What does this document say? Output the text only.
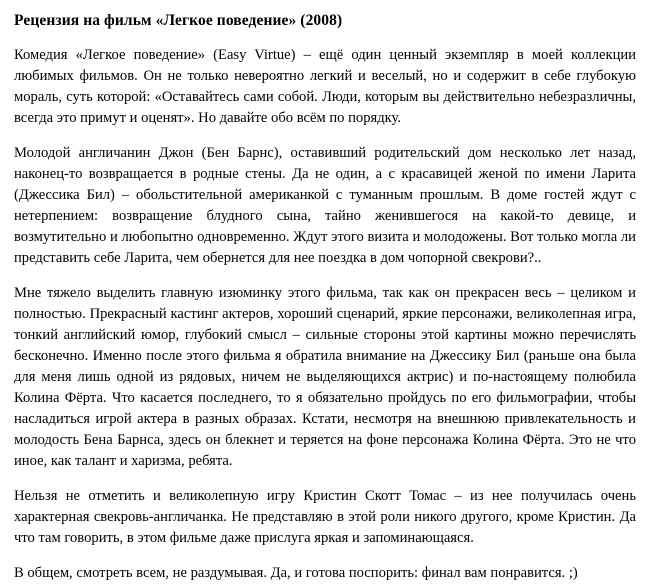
Рецензия на фильм «Легкое поведение» (2008)

Комедия «Легкое поведение» (Easy Virtue) – ещё один ценный экземпляр в моей коллекции любимых фильмов. Он не только невероятно легкий и веселый, но и содержит в себе глубокую мораль, суть которой: «Оставайтесь сами собой. Люди, которым вы действительно небезразличны, всегда это примут и оценят». Но давайте обо всём по порядку.

Молодой англичанин Джон (Бен Барнс), оставивший родительский дом несколько лет назад, наконец-то возвращается в родные стены. Да не один, а с красавицей женой по имени Ларита (Джессика Бил) – обольстительной американкой с туманным прошлым. В доме гостей ждут с нетерпением: возвращение блудного сына, тайно женившегося на какой-то девице, и возмутительно и любопытно одновременно. Ждут этого визита и молодожены. Вот только могла ли представить себе Ларита, чем обернется для нее поездка в дом чопорной свекрови?..

Мне тяжело выделить главную изюминку этого фильма, так как он прекрасен весь – целиком и полностью. Прекрасный кастинг актеров, хороший сценарий, яркие персонажи, великолепная игра, тонкий английский юмор, глубокий смысл – сильные стороны этой картины можно перечислять бесконечно. Именно после этого фильма я обратила внимание на Джессику Бил (раньше она была для меня лишь одной из рядовых, ничем не выделяющихся актрис) и по-настоящему полюбила Колина Фёрта. Что касается последнего, то я обязательно пройдусь по его фильмографии, чтобы насладиться игрой актера в разных образах. Кстати, несмотря на внешнюю привлекательность и молодость Бена Барнса, здесь он блекнет и теряется на фоне персонажа Колина Фёрта. Это не что иное, как талант и харизма, ребята.

Нельзя не отметить и великолепную игру Кристин Скотт Томас – из нее получилась очень характерная свекровь-англичанка. Не представляю в этой роли никого другого, кроме Кристин. Да что там говорить, в этом фильме даже прислуга яркая и запоминающаяся.

В общем, смотреть всем, не раздумывая. Да, и готова поспорить: финал вам понравится. ;)
